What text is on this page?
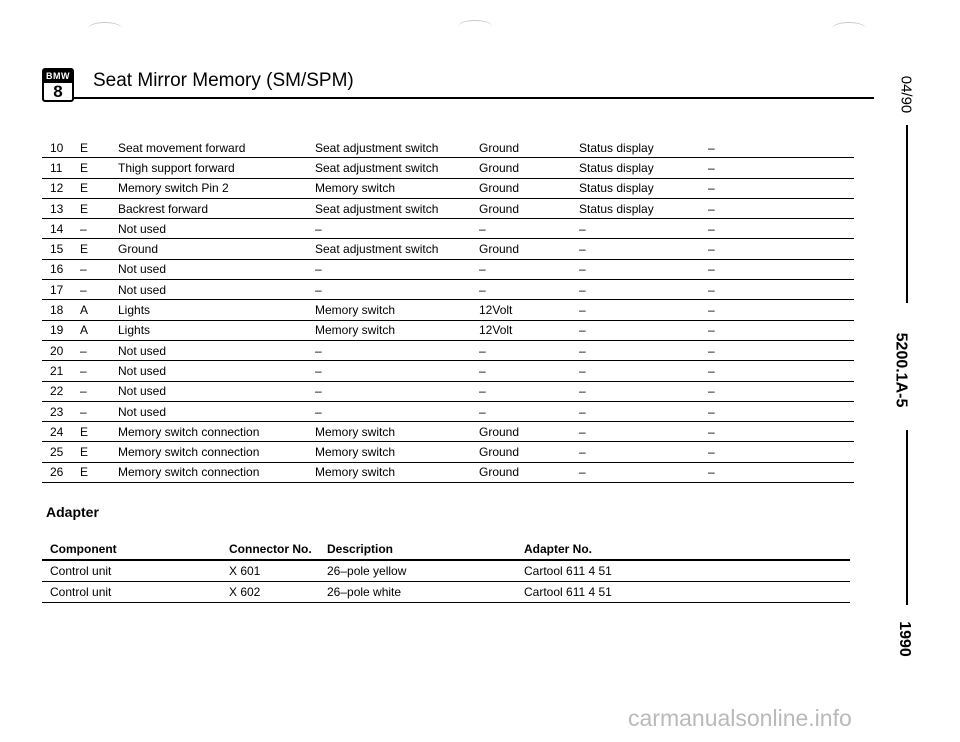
BMW
8
Seat Mirror Memory (SM/SPM)	04/90
5200.1A-5
1990
10	E	Seat movement forward	Seat adjustment switch	Ground	Status display	–
11	E	Thigh support forward	Seat adjustment switch	Ground	Status display	–
12	E	Memory switch Pin 2	Memory switch	Ground	Status display	–
13	E	Backrest forward	Seat adjustment switch	Ground	Status display	–
14	–	Not used	–	–	–	–
15	E	Ground	Seat adjustment switch	Ground	–	–
16	–	Not used	–	–	–	–
17	–	Not used	–	–	–	–
18	A	Lights	Memory switch	12Volt	–	–
19	A	Lights	Memory switch	12Volt	–	–
20	–	Not used	–	–	–	–
21	–	Not used	–	–	–	–
22	–	Not used	–	–	–	–
23	–	Not used	–	–	–	–
24	E	Memory switch connection	Memory switch	Ground	–	–
25	E	Memory switch connection	Memory switch	Ground	–	–
26	E	Memory switch connection	Memory switch	Ground	–	–
Adapter
Component	Connector No.	Description	Adapter No.
Control unit	X 601	26–pole yellow	Cartool 611 4 51
Control unit	X 602	26–pole white	Cartool 611 4 51
carmanualsonline.info
